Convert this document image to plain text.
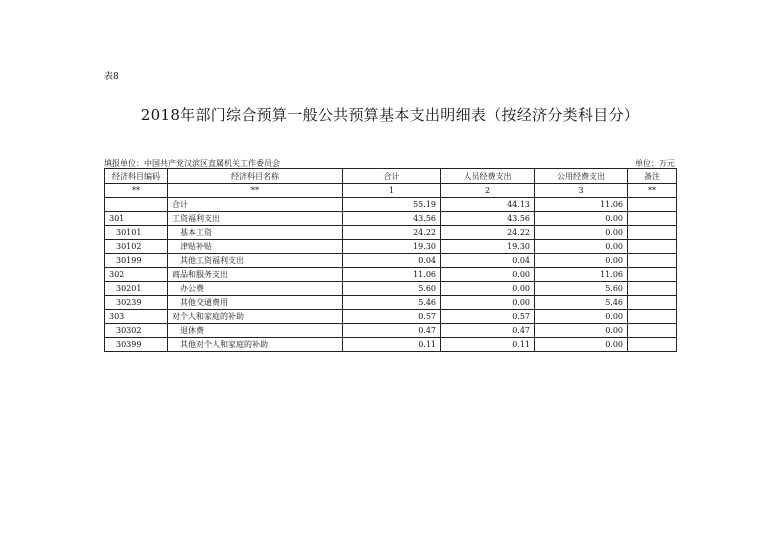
表8
2018年部门综合预算一般公共预算基本支出明细表（按经济分类科目分）
填报单位：中国共产党汉滨区直属机关工作委员会	单位：万元
经济科目编码	经济科目名称	合计	人员经费支出	公用经费支出	备注
**	**	1	2	3	**
	合计	55.19	44.13	11.06	
301	工资福利支出	43.56	43.56	0.00	
30101	基本工资	24.22	24.22	0.00	
30102	津贴补贴	19.30	19.30	0.00	
30199	其他工资福利支出	0.04	0.04	0.00	
302	商品和服务支出	11.06	0.00	11.06	
30201	办公费	5.60	0.00	5.60	
30239	其他交通费用	5.46	0.00	5.46	
303	对个人和家庭的补助	0.57	0.57	0.00	
30302	退休费	0.47	0.47	0.00	
30399	其他对个人和家庭的补助	0.11	0.11	0.00	
